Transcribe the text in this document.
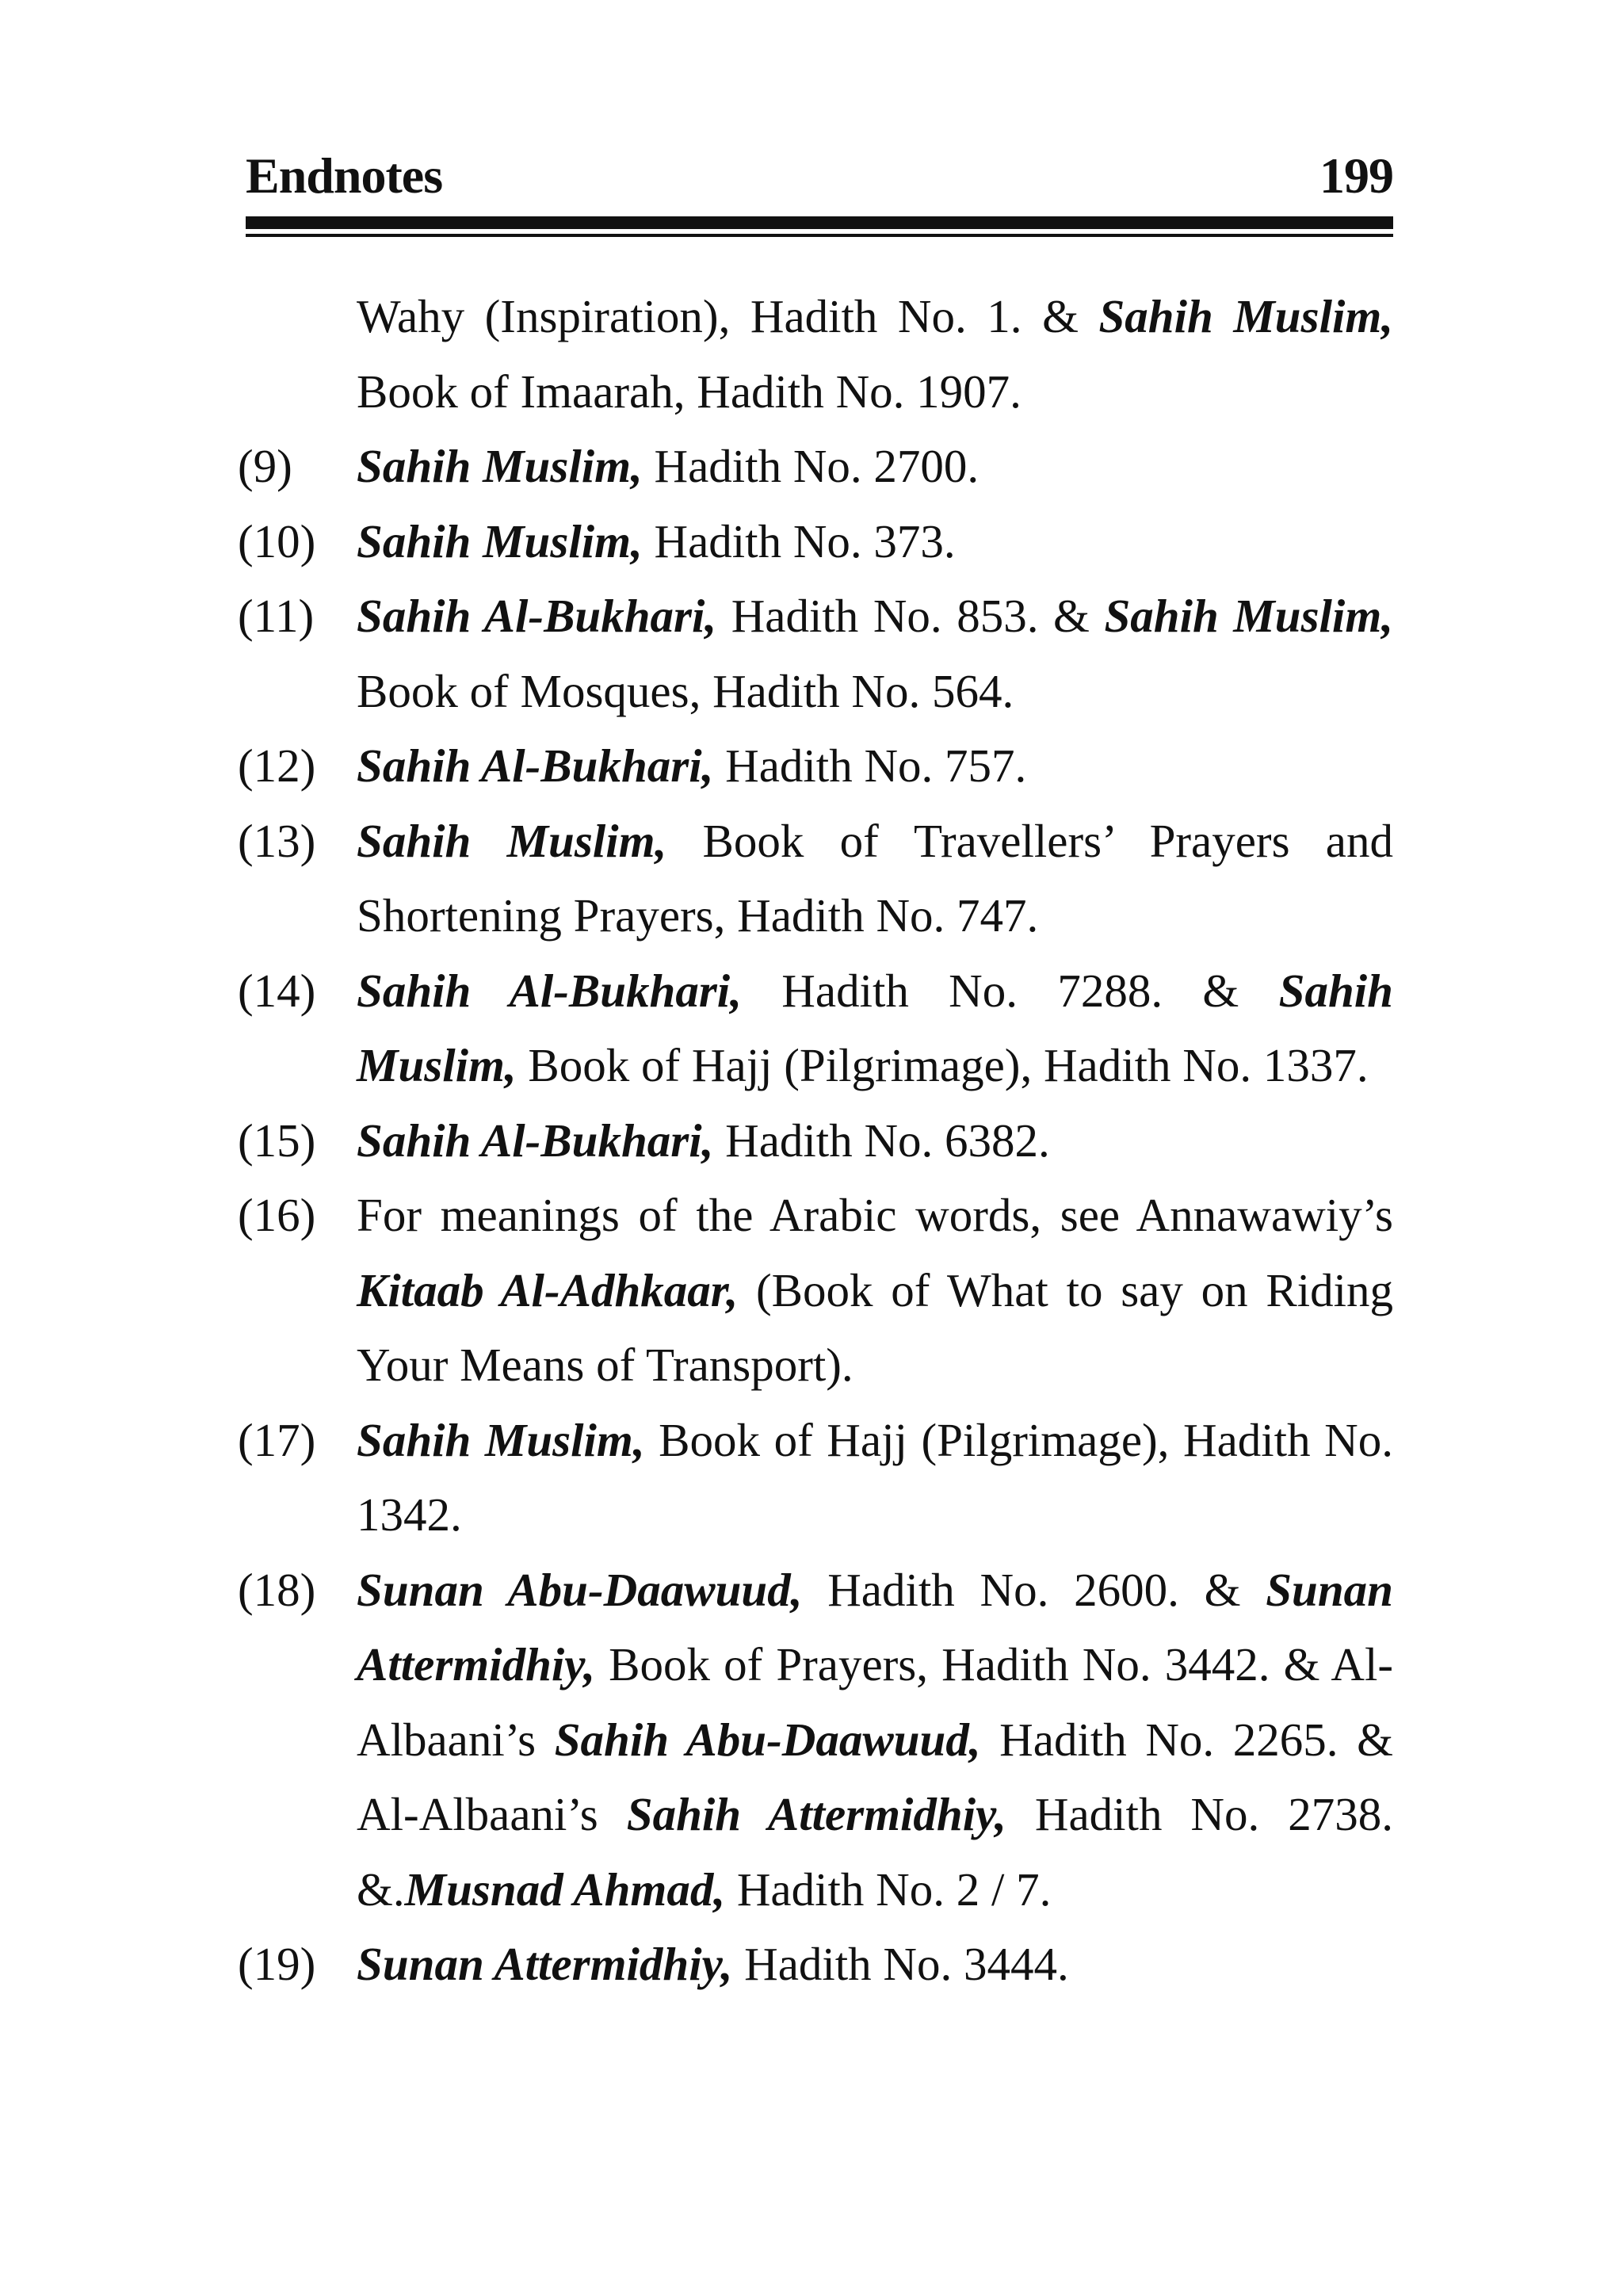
Endnotes	199
Wahy (Inspiration), Hadith No. 1. & Sahih Muslim, Book of Imaarah, Hadith No. 1907.
(9)	Sahih Muslim, Hadith No. 2700.
(10) Sahih Muslim, Hadith No. 373.
(11) Sahih Al-Bukhari, Hadith No. 853. & Sahih Muslim, Book of Mosques, Hadith No. 564.
(12) Sahih Al-Bukhari, Hadith No. 757.
(13) Sahih Muslim, Book of Travellers’ Prayers and Shortening Prayers, Hadith No. 747.
(14) Sahih Al-Bukhari, Hadith No. 7288. & Sahih Muslim, Book of Hajj (Pilgrimage), Hadith No. 1337.
(15) Sahih Al-Bukhari, Hadith No. 6382.
(16) For meanings of the Arabic words, see Annawawiy’s Kitaab Al-Adhkaar, (Book of What to say on Riding Your Means of Transport).
(17) Sahih Muslim, Book of Hajj (Pilgrimage), Hadith No. 1342.
(18) Sunan Abu-Daawuud, Hadith No. 2600. & Sunan Attermidhiy, Book of Prayers, Hadith No. 3442. & Al-Albaani’s Sahih Abu-Daawuud, Hadith No. 2265. & Al-Albaani’s Sahih Attermidhiy, Hadith No. 2738. &.Musnad Ahmad, Hadith No. 2 / 7.
(19) Sunan Attermidhiy, Hadith No. 3444.
